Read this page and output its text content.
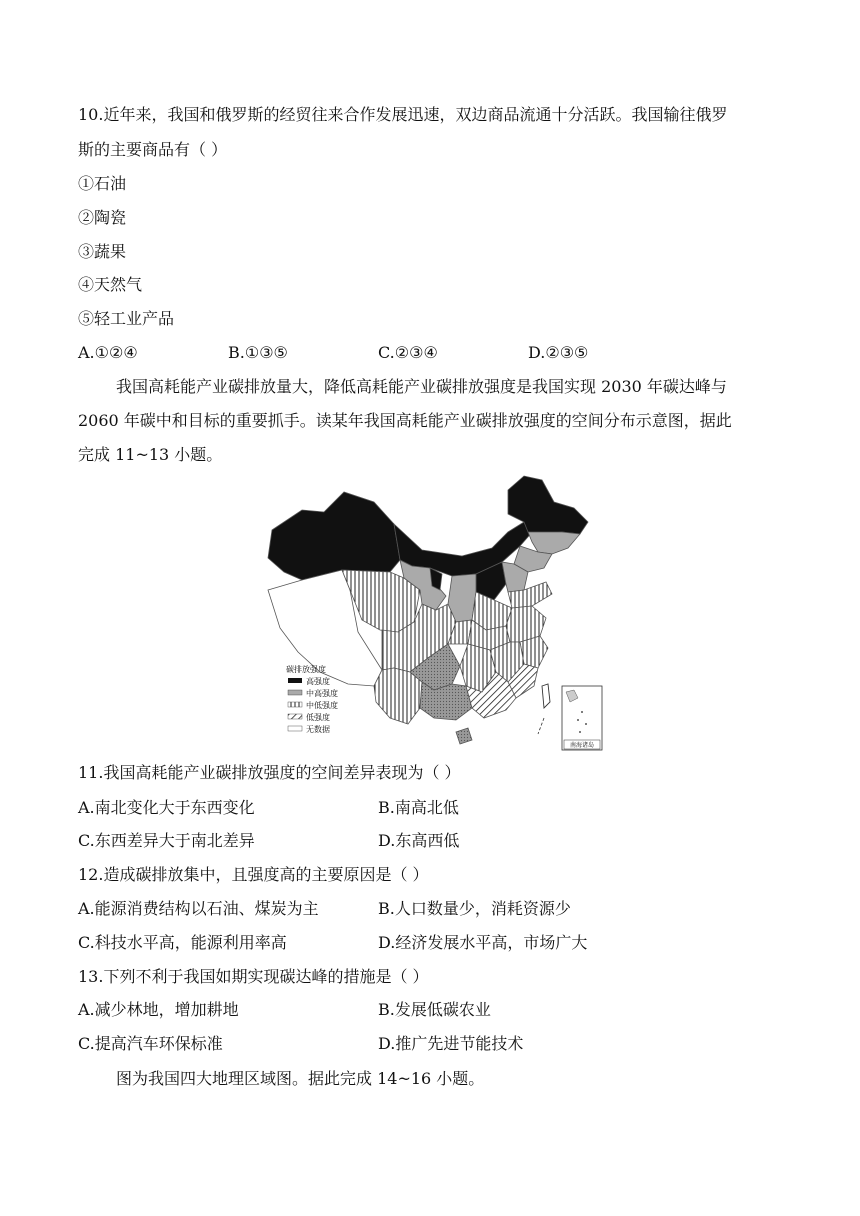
10.近年来，我国和俄罗斯的经贸往来合作发展迅速，双边商品流通十分活跃。我国输往俄罗
斯的主要商品有（ ）
①石油
②陶瓷
③蔬果
④天然气
⑤轻工业产品
A.①②④	B.①③⑤	C.②③④	D.②③⑤
我国高耗能产业碳排放量大，降低高耗能产业碳排放强度是我国实现 2030 年碳达峰与
2060 年碳中和目标的重要抓手。读某年我国高耗能产业碳排放强度的空间分布示意图，据此
完成 11~13 小题。
南海诸岛
碳排放强度
高强度
中高强度
中低强度
低强度
无数据
11.我国高耗能产业碳排放强度的空间差异表现为（ ）
A.南北变化大于东西变化	B.南高北低
C.东西差异大于南北差异	D.东高西低
12.造成碳排放集中，且强度高的主要原因是（ ）
A.能源消费结构以石油、煤炭为主	B.人口数量少，消耗资源少
C.科技水平高，能源利用率高	D.经济发展水平高，市场广大
13.下列不利于我国如期实现碳达峰的措施是（ ）
A.减少林地，增加耕地	B.发展低碳农业
C.提高汽车环保标准	D.推广先进节能技术
图为我国四大地理区域图。据此完成 14~16 小题。
